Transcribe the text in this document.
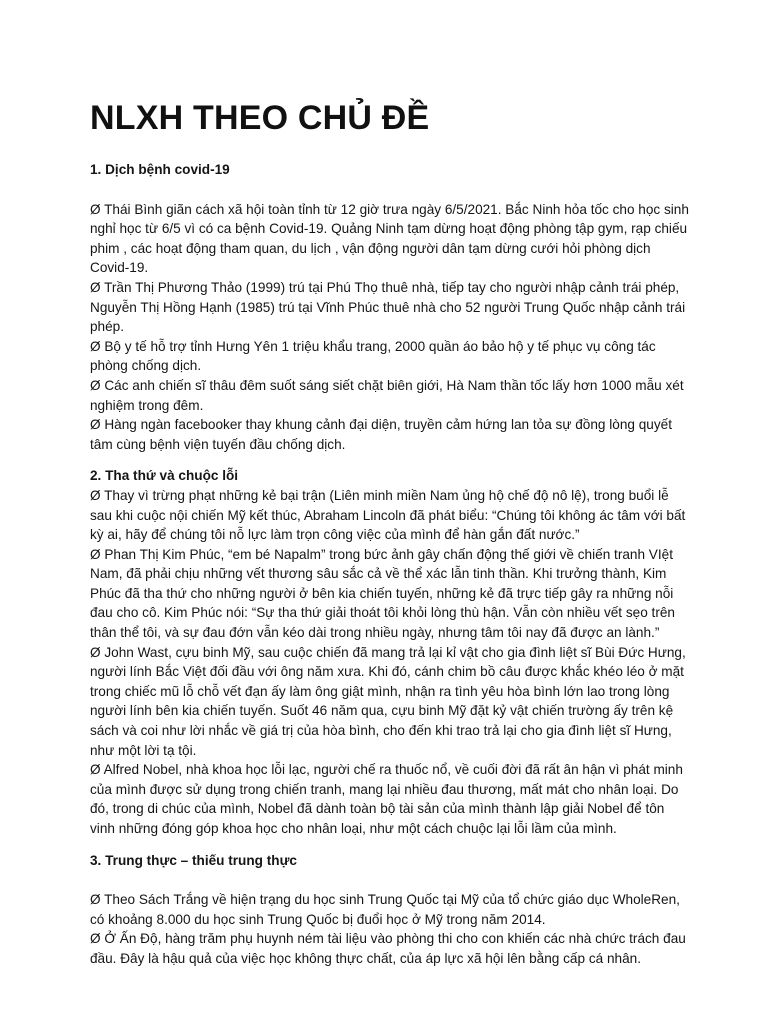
NLXH THEO CHỦ ĐỀ

1. Dịch bệnh covid-19

Ø Thái Bình giãn cách xã hội toàn tỉnh từ 12 giờ trưa ngày 6/5/2021. Bắc Ninh hỏa tốc cho học sinh nghỉ học từ 6/5 vì có ca bệnh Covid-19. Quảng Ninh tạm dừng hoạt động phòng tập gym, rạp chiếu phim , các hoạt động tham quan, du lịch , vận động người dân tạm dừng cưới hỏi phòng dịch Covid-19.

Ø Trần Thị Phương Thảo (1999) trú tại Phú Thọ thuê nhà, tiếp tay cho người nhập cảnh trái phép, Nguyễn Thị Hồng Hạnh (1985) trú tại Vĩnh Phúc thuê nhà cho 52 người Trung Quốc nhập cảnh trái phép.

Ø Bộ y tế hỗ trợ tỉnh Hưng Yên 1 triệu khẩu trang, 2000 quần áo bảo hộ y tế phục vụ công tác phòng chống dịch.

Ø Các anh chiến sĩ thâu đêm suốt sáng siết chặt biên giới, Hà Nam thần tốc lấy hơn 1000 mẫu xét nghiệm trong đêm.

Ø Hàng ngàn facebooker thay khung cảnh đại diện, truyền cảm hứng lan tỏa sự đồng lòng quyết tâm cùng bệnh viện tuyến đầu chống dịch.

2. Tha thứ và chuộc lỗi

Ø Thay vì trừng phạt những kẻ bại trận (Liên minh miền Nam ủng hộ chế độ nô lệ), trong buổi lễ sau khi cuộc nội chiến Mỹ kết thúc, Abraham Lincoln đã phát biểu: “Chúng tôi không ác tâm với bất kỳ ai, hãy để chúng tôi nỗ lực làm trọn công việc của mình để hàn gắn đất nước.”

Ø Phan Thị Kim Phúc, “em bé Napalm” trong bức ảnh gây chấn động thế giới về chiến tranh VIệt Nam, đã phải chịu những vết thương sâu sắc cả về thể xác lẫn tinh thần. Khi trưởng thành, Kim Phúc đã tha thứ cho những người ở bên kia chiến tuyến, những kẻ đã trực tiếp gây ra những nỗi đau cho cô. Kim Phúc nói: “Sự tha thứ giải thoát tôi khỏi lòng thù hận. Vẫn còn nhiều vết sẹo trên thân thể tôi, và sự đau đớn vẫn kéo dài trong nhiều ngày, nhưng tâm tôi nay đã được an lành.”

Ø John Wast, cựu binh Mỹ, sau cuộc chiến đã mang trả lại kỉ vật cho gia đình liệt sĩ Bùi Đức Hưng, người lính Bắc Việt đối đầu với ông năm xưa. Khi đó, cánh chim bồ câu được khắc khéo léo ở mặt trong chiếc mũ lỗ chỗ vết đạn ấy làm ông giật mình, nhận ra tình yêu hòa bình lớn lao trong lòng người lính bên kia chiến tuyến. Suốt 46 năm qua, cựu binh Mỹ đặt kỷ vật chiến trường ấy trên kệ sách và coi như lời nhắc về giá trị của hòa bình, cho đến khi trao trả lại cho gia đình liệt sĩ Hưng, như một lời tạ tội.

Ø Alfred Nobel, nhà khoa học lỗi lạc, người chế ra thuốc nổ, về cuối đời đã rất ân hận vì phát minh của mình được sử dụng trong chiến tranh, mang lại nhiều đau thương, mất mát cho nhân loại. Do đó, trong di chúc của mình, Nobel đã dành toàn bộ tài sản của mình thành lập giải Nobel để tôn vinh những đóng góp khoa học cho nhân loại, như một cách chuộc lại lỗi lầm của mình.

3. Trung thực – thiếu trung thực

Ø Theo Sách Trắng về hiện trạng du học sinh Trung Quốc tại Mỹ của tổ chức giáo dục WholeRen, có khoảng 8.000 du học sinh Trung Quốc bị đuổi học ở Mỹ trong năm 2014.

Ø Ở Ấn Độ, hàng trăm phụ huynh ném tài liệu vào phòng thi cho con khiến các nhà chức trách đau đầu. Đây là hậu quả của việc học không thực chất, của áp lực xã hội lên bằng cấp cá nhân.
